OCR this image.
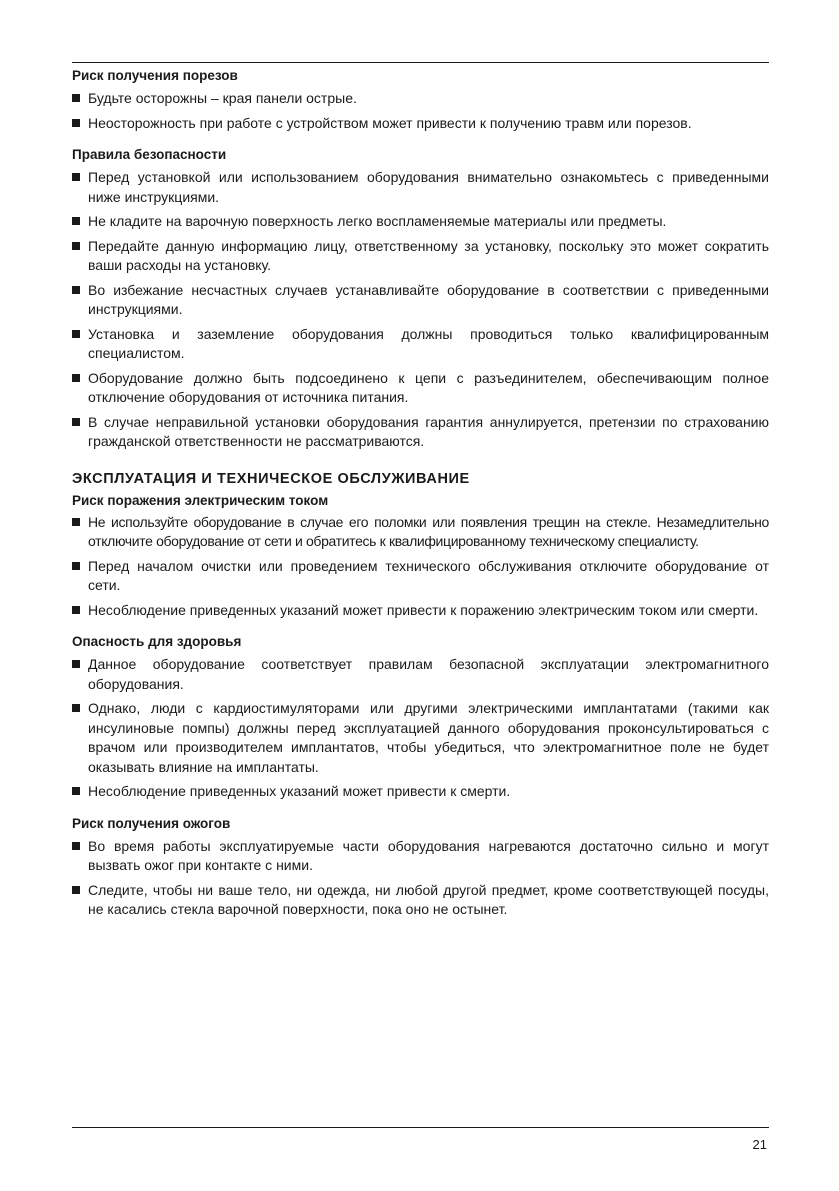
Риск получения порезов
Будьте осторожны – края панели острые.
Неосторожность при работе с устройством может привести к получению травм или порезов.
Правила безопасности
Перед установкой или использованием оборудования внимательно ознакомьтесь с приведенными ниже инструкциями.
Не кладите на варочную поверхность легко воспламеняемые материалы или предметы.
Передайте данную информацию лицу, ответственному за установку, поскольку это может сократить ваши расходы на установку.
Во избежание несчастных случаев устанавливайте оборудование в соответствии с приведенными инструкциями.
Установка и заземление оборудования должны проводиться только квалифицированным специалистом.
Оборудование должно быть подсоединено к цепи с разъединителем, обеспечивающим полное отключение оборудования от источника питания.
В случае неправильной установки оборудования гарантия аннулируется, претензии по страхованию гражданской ответственности не рассматриваются.
ЭКСПЛУАТАЦИЯ И ТЕХНИЧЕСКОЕ ОБСЛУЖИВАНИЕ
Риск поражения электрическим током
Не используйте оборудование в случае его поломки или появления трещин на стекле. Незамедлительно отключите оборудование от сети и обратитесь к квалифицированному техническому специалисту.
Перед началом очистки или проведением технического обслуживания отключите оборудование от сети.
Несоблюдение приведенных указаний может привести к поражению электрическим током или смерти.
Опасность для здоровья
Данное оборудование соответствует правилам безопасной эксплуатации электромагнитного оборудования.
Однако, люди с кардиостимуляторами или другими электрическими имплантатами (такими как инсулиновые помпы) должны перед эксплуатацией данного оборудования проконсультироваться с врачом или производителем имплантатов, чтобы убедиться, что электромагнитное поле не будет оказывать влияние на имплантаты.
Несоблюдение приведенных указаний может привести к смерти.
Риск получения ожогов
Во время работы эксплуатируемые части оборудования нагреваются достаточно сильно и могут вызвать ожог при контакте с ними.
Следите, чтобы ни ваше тело, ни одежда, ни любой другой предмет, кроме соответствующей посуды, не касались стекла варочной поверхности, пока оно не остынет.
21
